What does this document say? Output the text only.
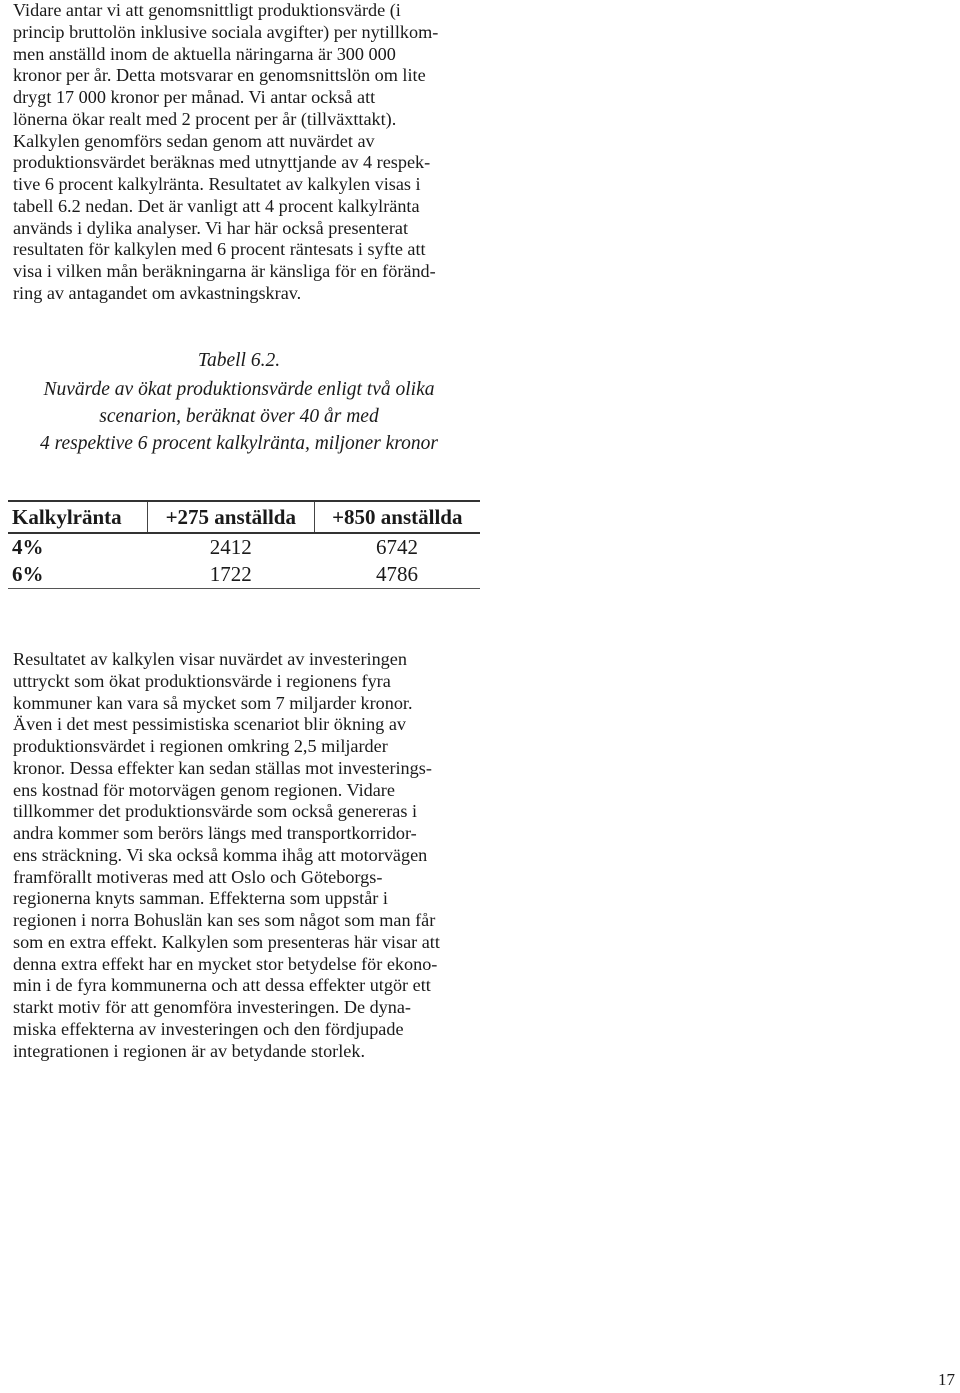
Vidare antar vi att genomsnittligt produktionsvärde (i
princip bruttolön inklusive sociala avgifter) per nytillkom-
men anställd inom de aktuella näringarna är 300 000
kronor per år. Detta motsvarar en genomsnittslön om lite
drygt 17 000 kronor per månad. Vi antar också att
lönerna ökar realt med 2 procent per år (tillväxttakt).
Kalkylen genomförs sedan genom att nuvärdet av
produktionsvärdet beräknas med utnyttjande av 4 respek-
tive 6 procent kalkylränta. Resultatet av kalkylen visas i
tabell 6.2 nedan. Det är vanligt att 4 procent kalkylränta
används i dylika analyser. Vi har här också presenterat
resultaten för kalkylen med 6 procent räntesats i syfte att
visa i vilken mån beräkningarna är känsliga för en föränd-
ring av antagandet om avkastningskrav.
Tabell 6.2.
Nuvärde av ökat produktionsvärde enligt två olika
scenarion, beräknat över 40 år med
4 respektive 6 procent kalkylränta, miljoner kronor
Kalkylränta	+275 anställda	+850 anställda
4%	2412	6742
6%	1722	4786
Resultatet av kalkylen visar nuvärdet av investeringen
uttryckt som ökat produktionsvärde i regionens fyra
kommuner kan vara så mycket som 7 miljarder kronor.
Även i det mest pessimistiska scenariot blir ökning av
produktionsvärdet i regionen omkring 2,5 miljarder
kronor. Dessa effekter kan sedan ställas mot investerings-
ens kostnad för motorvägen genom regionen. Vidare
tillkommer det produktionsvärde som också genereras i
andra kommer som berörs längs med transportkorridor-
ens sträckning. Vi ska också komma ihåg att motorvägen
framförallt motiveras med att Oslo och Göteborgs-
regionerna knyts samman. Effekterna som uppstår i
regionen i norra Bohuslän kan ses som något som man får
som en extra effekt. Kalkylen som presenteras här visar att
denna extra effekt har en mycket stor betydelse för ekono-
min i de fyra kommunerna och att dessa effekter utgör ett
starkt motiv för att genomföra investeringen. De dyna-
miska effekterna av investeringen och den fördjupade
integrationen i regionen är av betydande storlek.
17
